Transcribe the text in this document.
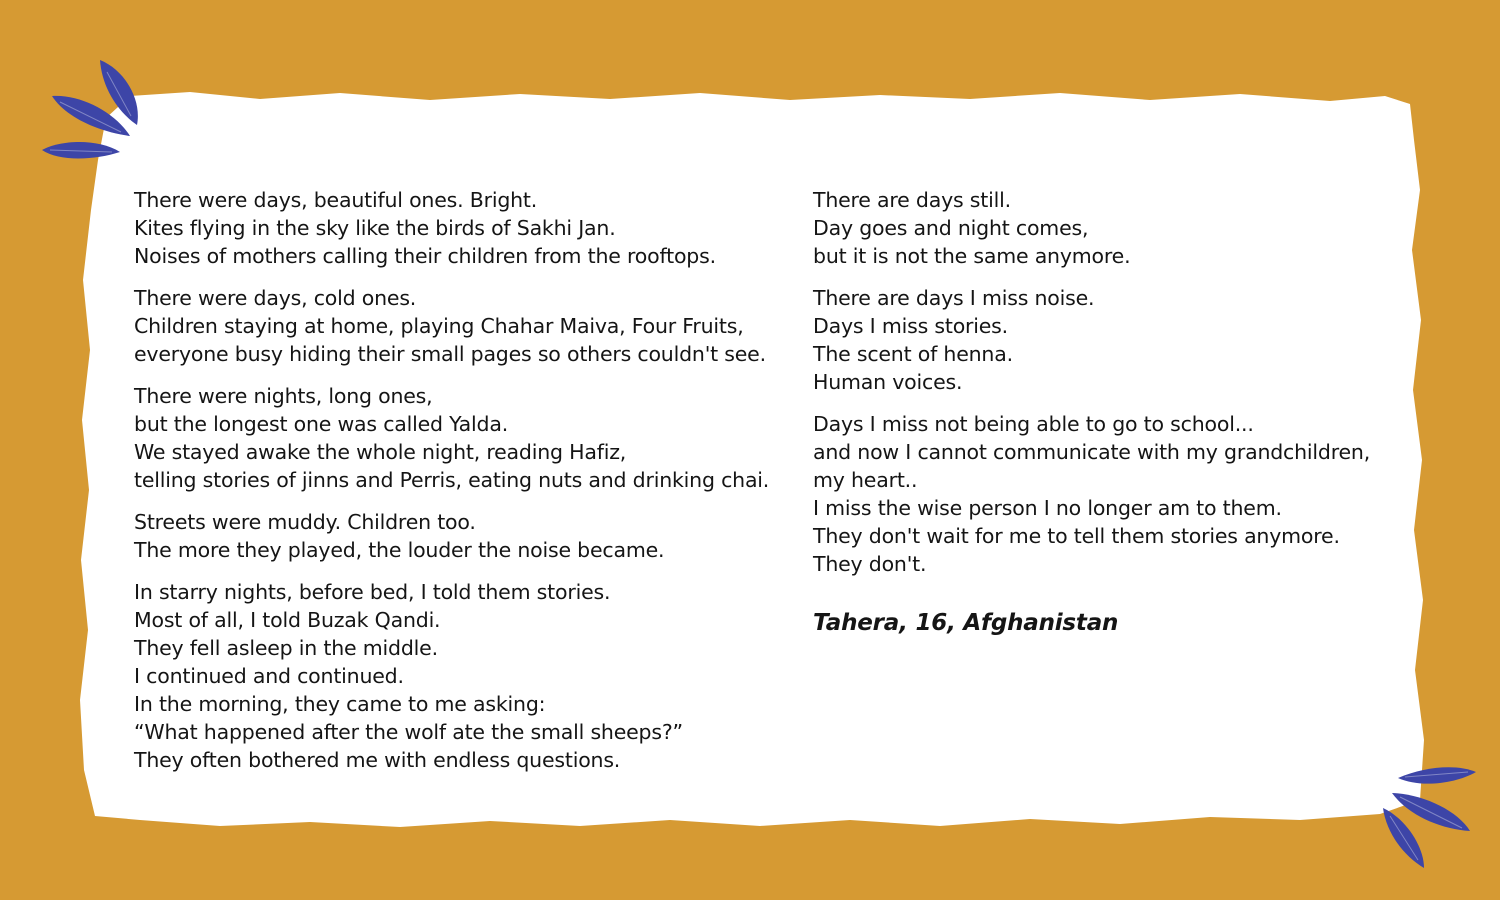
There were days, beautiful ones. Bright.
Kites flying in the sky like the birds of Sakhi Jan.
Noises of mothers calling their children from the rooftops.
There were days, cold ones.
Children staying at home, playing Chahar Maiva, Four Fruits,
everyone busy hiding their small pages so others couldn't see.
There were nights, long ones,
but the longest one was called Yalda.
We stayed awake the whole night, reading Hafiz,
telling stories of jinns and Perris, eating nuts and drinking chai.
Streets were muddy. Children too.
The more they played, the louder the noise became.
In starry nights, before bed, I told them stories.
Most of all, I told Buzak Qandi.
They fell asleep in the middle.
I continued and continued.
In the morning, they came to me asking:
“What happened after the wolf ate the small sheeps?”
They often bothered me with endless questions.
There are days still.
Day goes and night comes,
but it is not the same anymore.
There are days I miss noise.
Days I miss stories.
The scent of henna.
Human voices.
Days I miss not being able to go to school...
and now I cannot communicate with my grandchildren,
my heart..
I miss the wise person I no longer am to them.
They don't wait for me to tell them stories anymore.
They don't.
Tahera, 16, Afghanistan
